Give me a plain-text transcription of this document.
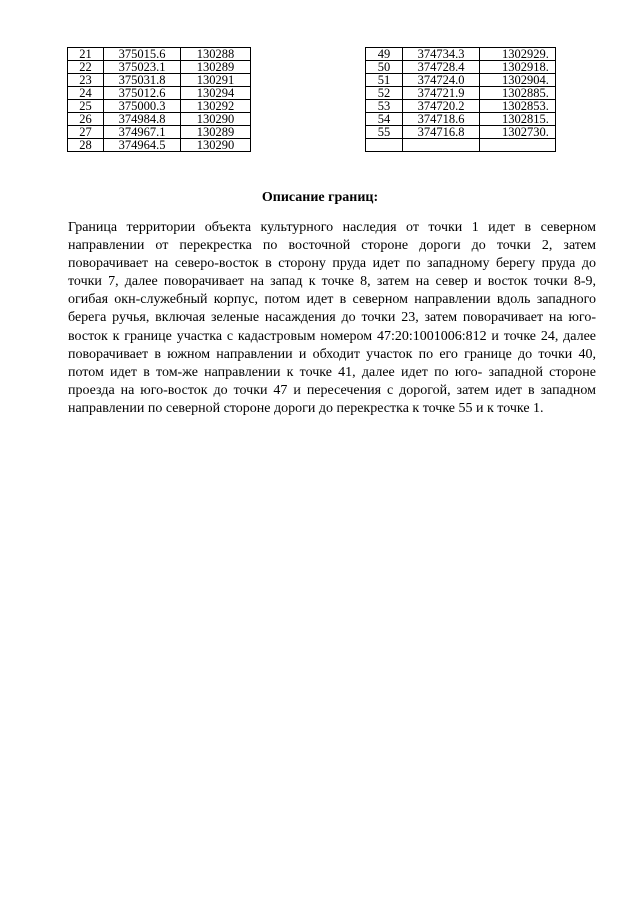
21	375015.6	130288
22	375023.1	130289
23	375031.8	130291
24	375012.6	130294
25	375000.3	130292
26	374984.8	130290
27	374967.1	130289
28	374964.5	130290
49	374734.3	1302929.
50	374728.4	1302918.
51	374724.0	1302904.
52	374721.9	1302885.
53	374720.2	1302853.
54	374718.6	1302815.
55	374716.8	1302730.

Описание границ:

Граница территории объекта культурного наследия от точки 1 идет в северном направлении от перекрестка по восточной стороне дороги до точки 2, затем поворачивает на северо-восток в сторону пруда идет по западному берегу пруда до точки 7, далее поворачивает на запад к точке 8, затем на север и восток точки 8-9, огибая окн-служебный корпус, потом идет в северном направлении вдоль западного берега ручья, включая зеленые насаждения до точки 23, затем поворачивает на юго-восток к границе участка с кадастровым номером 47:20:1001006:812 и точке 24, далее поворачивает в южном направлении и обходит участок по его границе до точки 40, потом идет в том-же направлении к точке 41, далее идет по юго- западной стороне проезда на юго-восток до точки 47 и пересечения с дорогой, затем идет в западном направлении по северной стороне дороги до перекрестка к точке 55 и к точке 1.
